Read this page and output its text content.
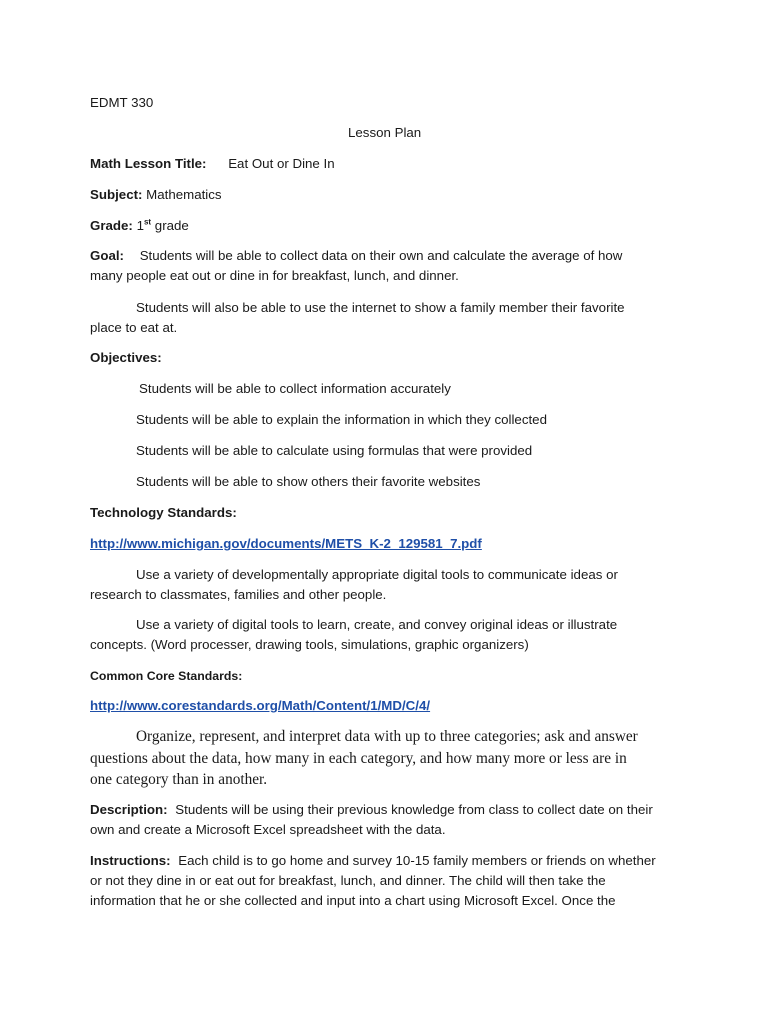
EDMT 330
Lesson Plan
Math Lesson Title: Eat Out or Dine In
Subject: Mathematics
Grade: 1st grade
Goal: Students will be able to collect data on their own and calculate the average of how
many people eat out or dine in for breakfast, lunch, and dinner.
Students will also be able to use the internet to show a family member their favorite
place to eat at.
Objectives:
Students will be able to collect information accurately
Students will be able to explain the information in which they collected
Students will be able to calculate using formulas that were provided
Students will be able to show others their favorite websites
Technology Standards:
http://www.michigan.gov/documents/METS_K-2_129581_7.pdf
Use a variety of developmentally appropriate digital tools to communicate ideas or
research to classmates, families and other people.
Use a variety of digital tools to learn, create, and convey original ideas or illustrate
concepts. (Word processer, drawing tools, simulations, graphic organizers)
Common Core Standards:
http://www.corestandards.org/Math/Content/1/MD/C/4/
Organize, represent, and interpret data with up to three categories; ask and answer
questions about the data, how many in each category, and how many more or less are in
one category than in another.
Description: Students will be using their previous knowledge from class to collect date on their
own and create a Microsoft Excel spreadsheet with the data.
Instructions: Each child is to go home and survey 10-15 family members or friends on whether
or not they dine in or eat out for breakfast, lunch, and dinner. The child will then take the
information that he or she collected and input into a chart using Microsoft Excel. Once the
